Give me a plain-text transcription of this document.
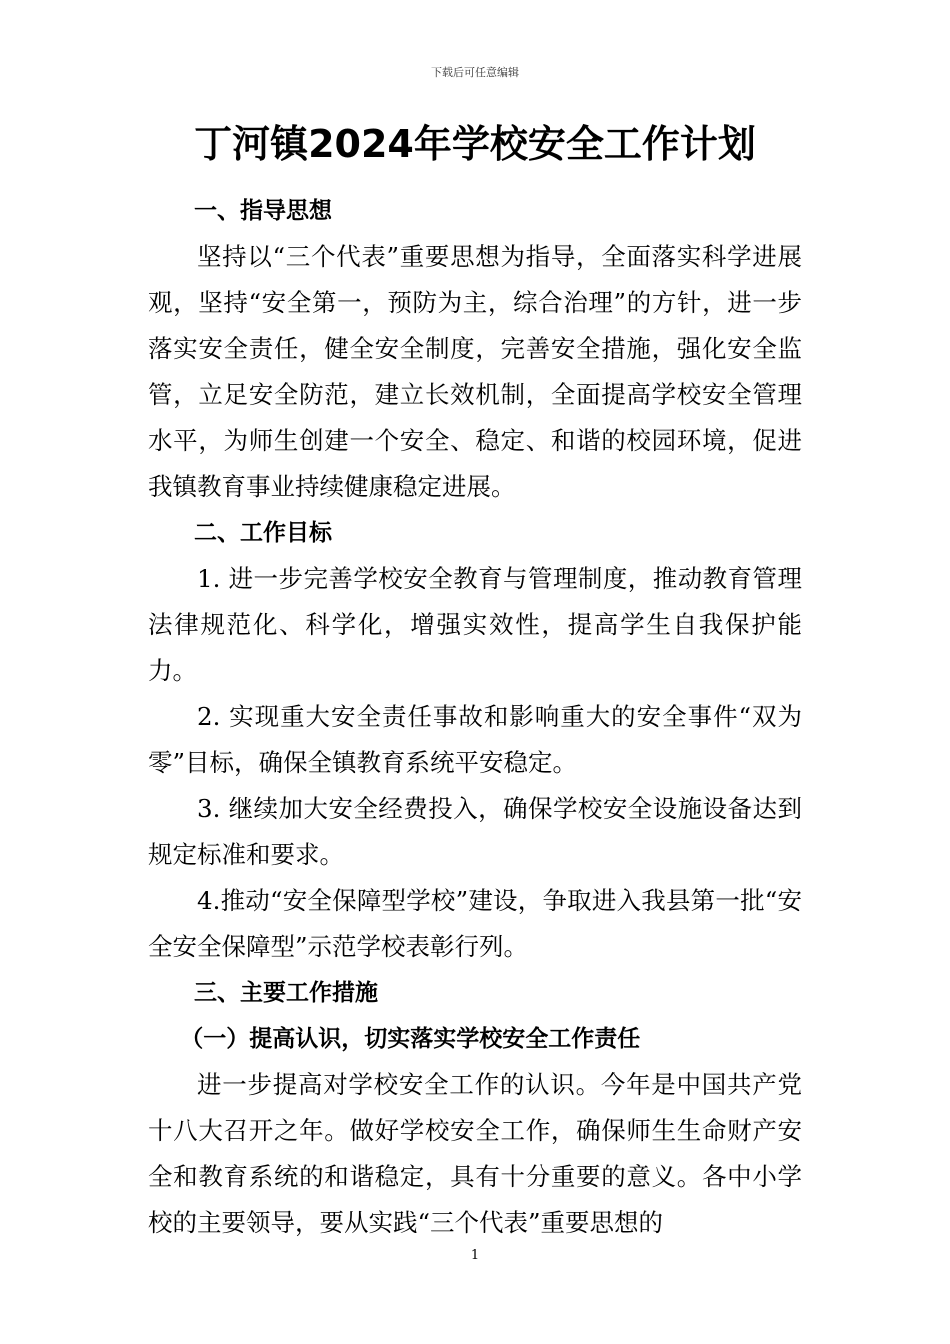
下载后可任意编辑
丁河镇2024年学校安全工作计划

一、指导思想

坚持以“三个代表”重要思想为指导，全面落实科学进展观，坚持“安全第一，预防为主，综合治理”的方针，进一步落实安全责任，健全安全制度，完善安全措施，强化安全监管，立足安全防范，建立长效机制，全面提高学校安全管理水平，为师生创建一个安全、稳定、和谐的校园环境，促进我镇教育事业持续健康稳定进展。

二、工作目标

1. 进一步完善学校安全教育与管理制度，推动教育管理法律规范化、科学化，增强实效性，提高学生自我保护能力。

2. 实现重大安全责任事故和影响重大的安全事件“双为零”目标，确保全镇教育系统平安稳定。

3. 继续加大安全经费投入，确保学校安全设施设备达到规定标准和要求。

4.推动“安全保障型学校”建设，争取进入我县第一批“安全安全保障型”示范学校表彰行列。

三、主要工作措施

（一）提高认识，切实落实学校安全工作责任

进一步提高对学校安全工作的认识。今年是中国共产党十八大召开之年。做好学校安全工作，确保师生生命财产安全和教育系统的和谐稳定，具有十分重要的意义。各中小学校的主要领导，要从实践“三个代表”重要思想的

1
